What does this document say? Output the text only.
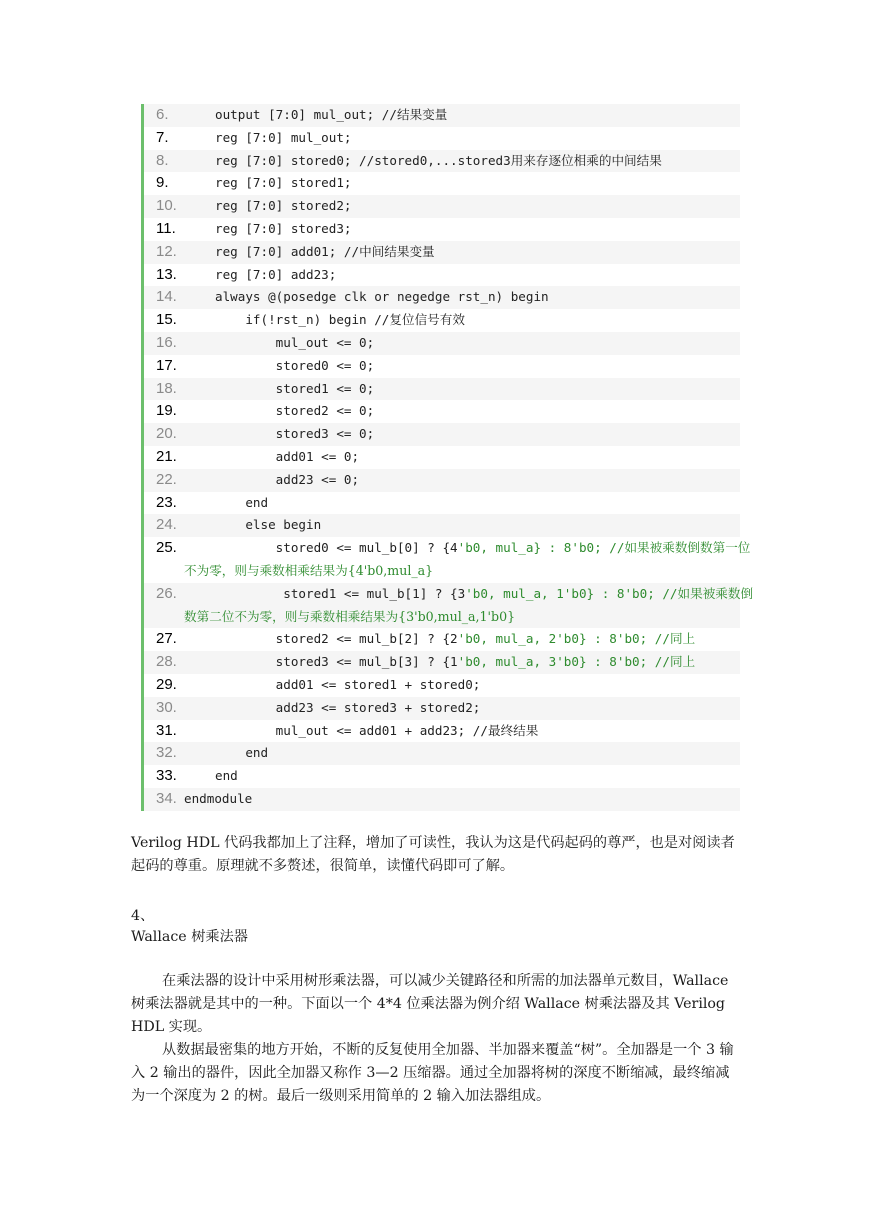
6.	output [7:0] mul_out; //结果变量
7.	reg [7:0] mul_out;
8.	reg [7:0] stored0; //stored0,...stored3用来存逐位相乘的中间结果
9.	reg [7:0] stored1;
10.	reg [7:0] stored2;
11.	reg [7:0] stored3;
12.	reg [7:0] add01; //中间结果变量
13.	reg [7:0] add23;
14.	always @(posedge clk or negedge rst_n) begin
15.	if(!rst_n) begin //复位信号有效
16.	mul_out <= 0;
17.	stored0 <= 0;
18.	stored1 <= 0;
19.	stored2 <= 0;
20.	stored3 <= 0;
21.	add01 <= 0;
22.	add23 <= 0;
23.	end
24.	else begin
25.	stored0 <= mul_b[0] ? {4'b0, mul_a} : 8'b0; //如果被乘数倒数第一位
不为零，则与乘数相乘结果为{4'b0,mul_a}
26.	stored1 <= mul_b[1] ? {3'b0, mul_a, 1'b0} : 8'b0; //如果被乘数倒
数第二位不为零，则与乘数相乘结果为{3'b0,mul_a,1'b0}
27.	stored2 <= mul_b[2] ? {2'b0, mul_a, 2'b0} : 8'b0; //同上
28.	stored3 <= mul_b[3] ? {1'b0, mul_a, 3'b0} : 8'b0; //同上
29.	add01 <= stored1 + stored0;
30.	add23 <= stored3 + stored2;
31.	mul_out <= add01 + add23; //最终结果
32.	end
33.	end
34. endmodule
Verilog HDL 代码我都加上了注释，增加了可读性，我认为这是代码起码的尊严，也是对阅读者起码的尊重。原理就不多赘述，很简单，读懂代码即可了解。
4、
Wallace 树乘法器
在乘法器的设计中采用树形乘法器，可以减少关键路径和所需的加法器单元数目，Wallace 树乘法器就是其中的一种。下面以一个 4*4 位乘法器为例介绍 Wallace 树乘法器及其 Verilog HDL 实现。
从数据最密集的地方开始，不断的反复使用全加器、半加器来覆盖“树”。全加器是一个 3 输入 2 输出的器件，因此全加器又称作 3—2 压缩器。通过全加器将树的深度不断缩减，最终缩减为一个深度为 2 的树。最后一级则采用简单的 2 输入加法器组成。
